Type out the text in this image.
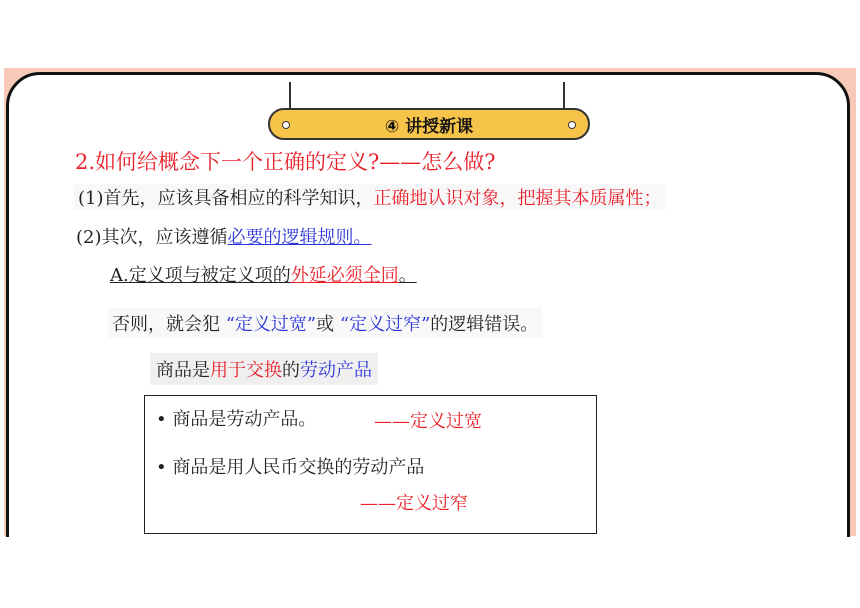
④ 讲授新课
2.如何给概念下一个正确的定义?——怎么做?
(1)首先，应该具备相应的科学知识，正确地认识对象，把握其本质属性；
(2)其次，应该遵循必要的逻辑规则。
A.定义项与被定义项的外延必须全同。
否则，就会犯 “定义过宽”或 “定义过窄”的逻辑错误。
商品是用于交换的劳动产品
• 商品是劳动产品。	——定义过宽
• 商品是用人民币交换的劳动产品
——定义过窄
